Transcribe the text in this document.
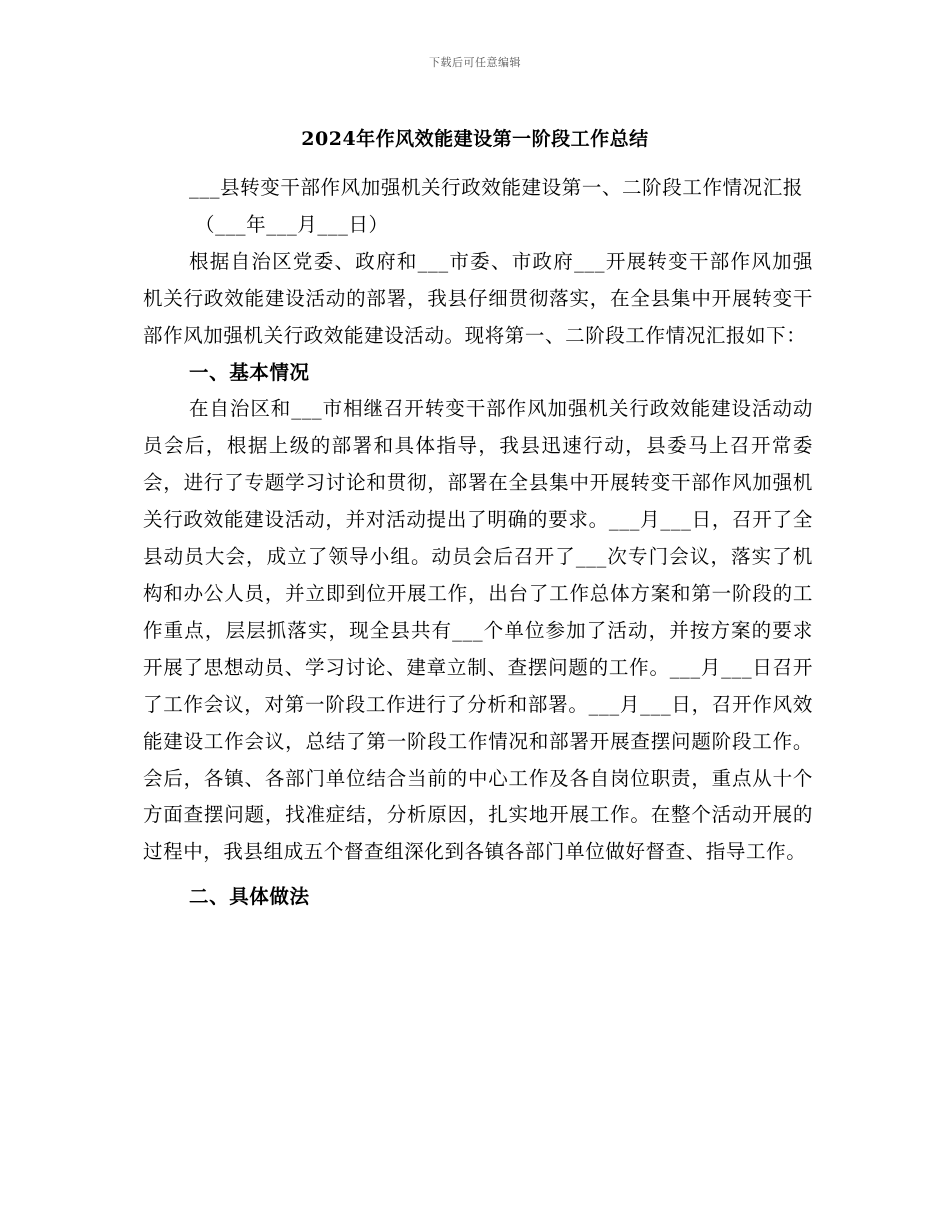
下载后可任意编辑
2024年作风效能建设第一阶段工作总结

___县转变干部作风加强机关行政效能建设第一、二阶段工作情况汇报

（___年___月___日）

根据自治区党委、政府和___市委、市政府___开展转变干部作风加强机关行政效能建设活动的部署，我县仔细贯彻落实，在全县集中开展转变干部作风加强机关行政效能建设活动。现将第一、二阶段工作情况汇报如下：

一、基本情况

在自治区和___市相继召开转变干部作风加强机关行政效能建设活动动员会后，根据上级的部署和具体指导，我县迅速行动，县委马上召开常委会，进行了专题学习讨论和贯彻，部署在全县集中开展转变干部作风加强机关行政效能建设活动，并对活动提出了明确的要求。___月___日，召开了全县动员大会，成立了领导小组。动员会后召开了___次专门会议，落实了机构和办公人员，并立即到位开展工作，出台了工作总体方案和第一阶段的工作重点，层层抓落实，现全县共有___个单位参加了活动，并按方案的要求开展了思想动员、学习讨论、建章立制、查摆问题的工作。___月___日召开了工作会议，对第一阶段工作进行了分析和部署。___月___日，召开作风效能建设工作会议，总结了第一阶段工作情况和部署开展查摆问题阶段工作。会后，各镇、各部门单位结合当前的中心工作及各自岗位职责，重点从十个方面查摆问题，找准症结，分析原因，扎实地开展工作。在整个活动开展的过程中，我县组成五个督查组深化到各镇各部门单位做好督查、指导工作。

二、具体做法
